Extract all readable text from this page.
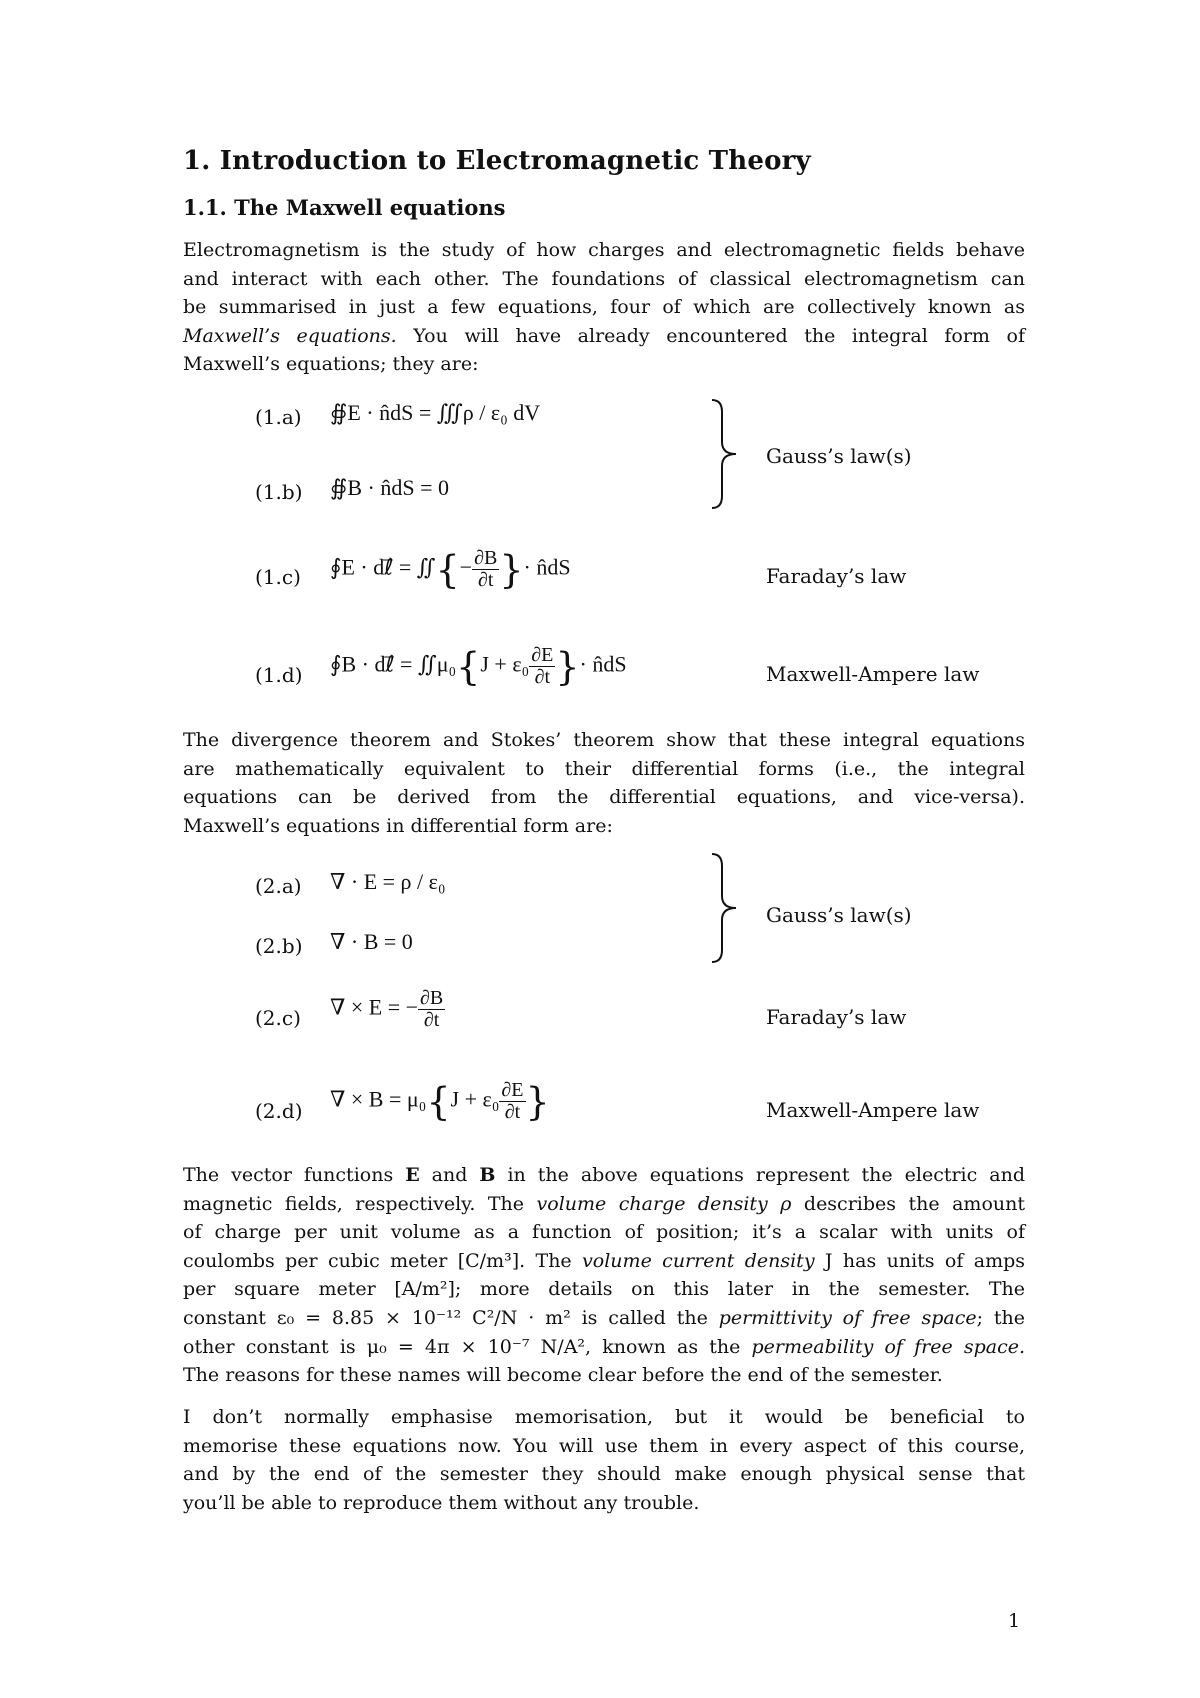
1. Introduction to Electromagnetic Theory
1.1. The Maxwell equations
Electromagnetism is the study of how charges and electromagnetic fields behave
and interact with each other. The foundations of classical electromagnetism can
be summarised in just a few equations, four of which are collectively known as
Maxwell’s equations. You will have already encountered the integral form of
Maxwell’s equations; they are:
(1.a) ∯E · n̂dS = ∭ρ / ε₀ dV
(1.b) ∯B · n̂dS = 0
Gauss’s law(s)
(1.c) ∮E · dℓ⃗ = ∬{− $\frac{\partial B}{\partial t}$ }· n̂dS	Faraday’s law
(1.d) ∮B · dℓ⃗ = ∬μ₀{J + $\varepsilon_0 \frac{\partial E}{\partial t}$ }· n̂dS	Maxwell-Ampere law
The divergence theorem and Stokes’ theorem show that these integral equations
are mathematically equivalent to their differential forms (i.e., the integral
equations can be derived from the differential equations, and vice-versa).
Maxwell’s equations in differential form are:
(2.a) ∇ · E = ρ / ε₀
(2.b) ∇ · B = 0
Gauss’s law(s)
(2.c) ∇ × E = − $\frac{\partial B}{\partial t}$	Faraday’s law
(2.d) ∇ × $B = \mu_0\{J + \varepsilon_0 \frac{\partial E}{\partial t}$ }	Maxwell-Ampere law
The vector functions E and B in the above equations represent the electric and
magnetic fields, respectively. The volume charge density ρ describes the amount
of charge per unit volume as a function of position; it’s a scalar with units of
coulombs per cubic meter [C/m³]. The volume current density J has units of amps
per square meter [A/m²]; more details on this later in the semester. The
constant ε₀ = 8.85 × 10⁻¹² C²/N · m² is called the permittivity of free space; the
other constant is μ₀ = 4π × 10⁻⁷ N/A², known as the permeability of free space.
The reasons for these names will become clear before the end of the semester.
I don’t normally emphasise memorisation, but it would be beneficial to
memorise these equations now. You will use them in every aspect of this course,
and by the end of the semester they should make enough physical sense that
you’ll be able to reproduce them without any trouble.
1
